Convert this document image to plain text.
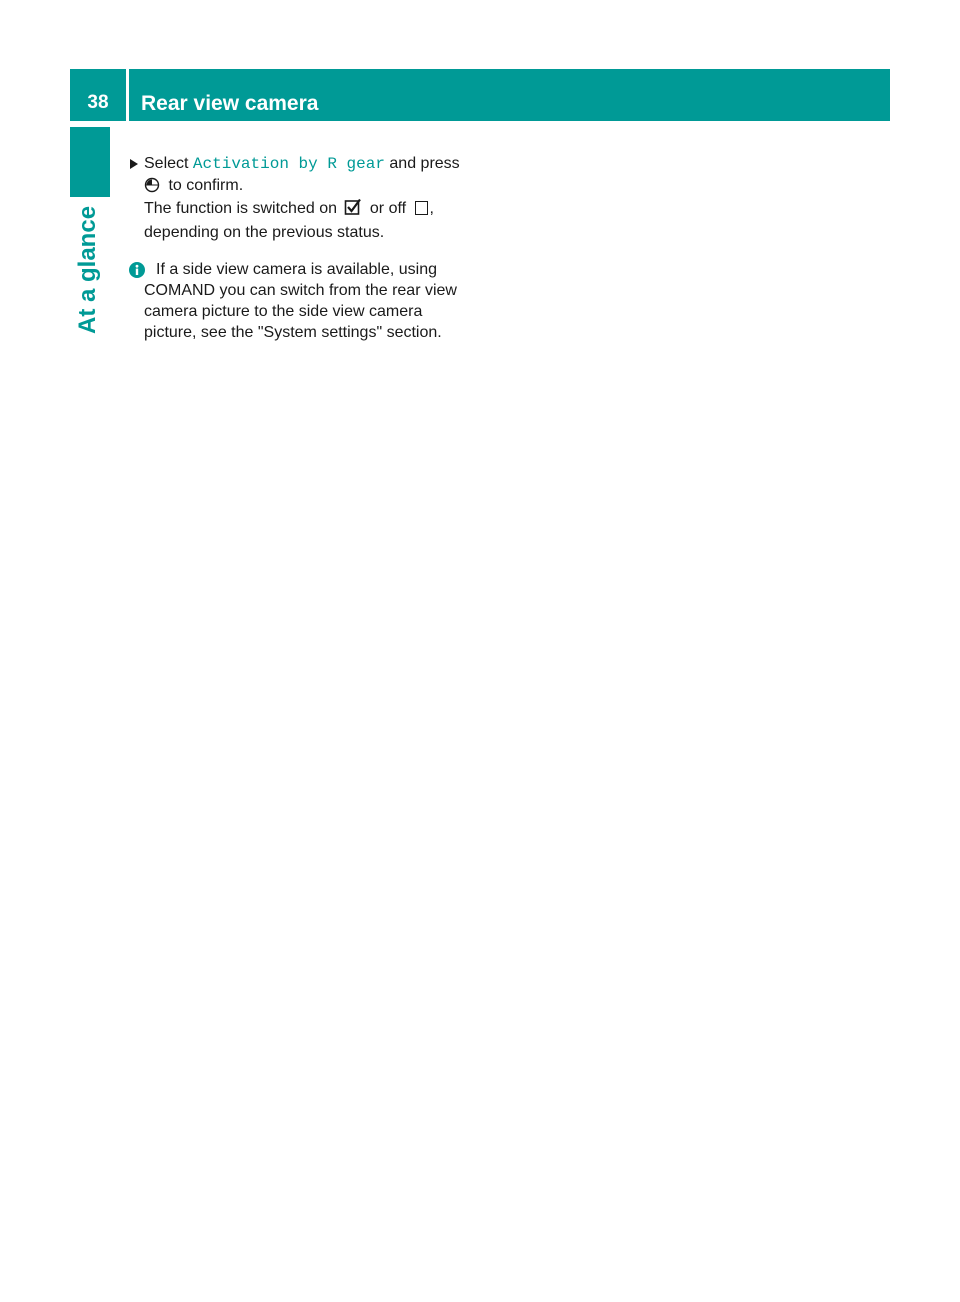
38	Rear view camera
At a glance
Select Activation by R gear and press
to confirm.
The function is switched on or off ,
depending on the previous status.
If a side view camera is available, using
COMAND you can switch from the rear view
camera picture to the side view camera
picture, see the "System settings" section.
